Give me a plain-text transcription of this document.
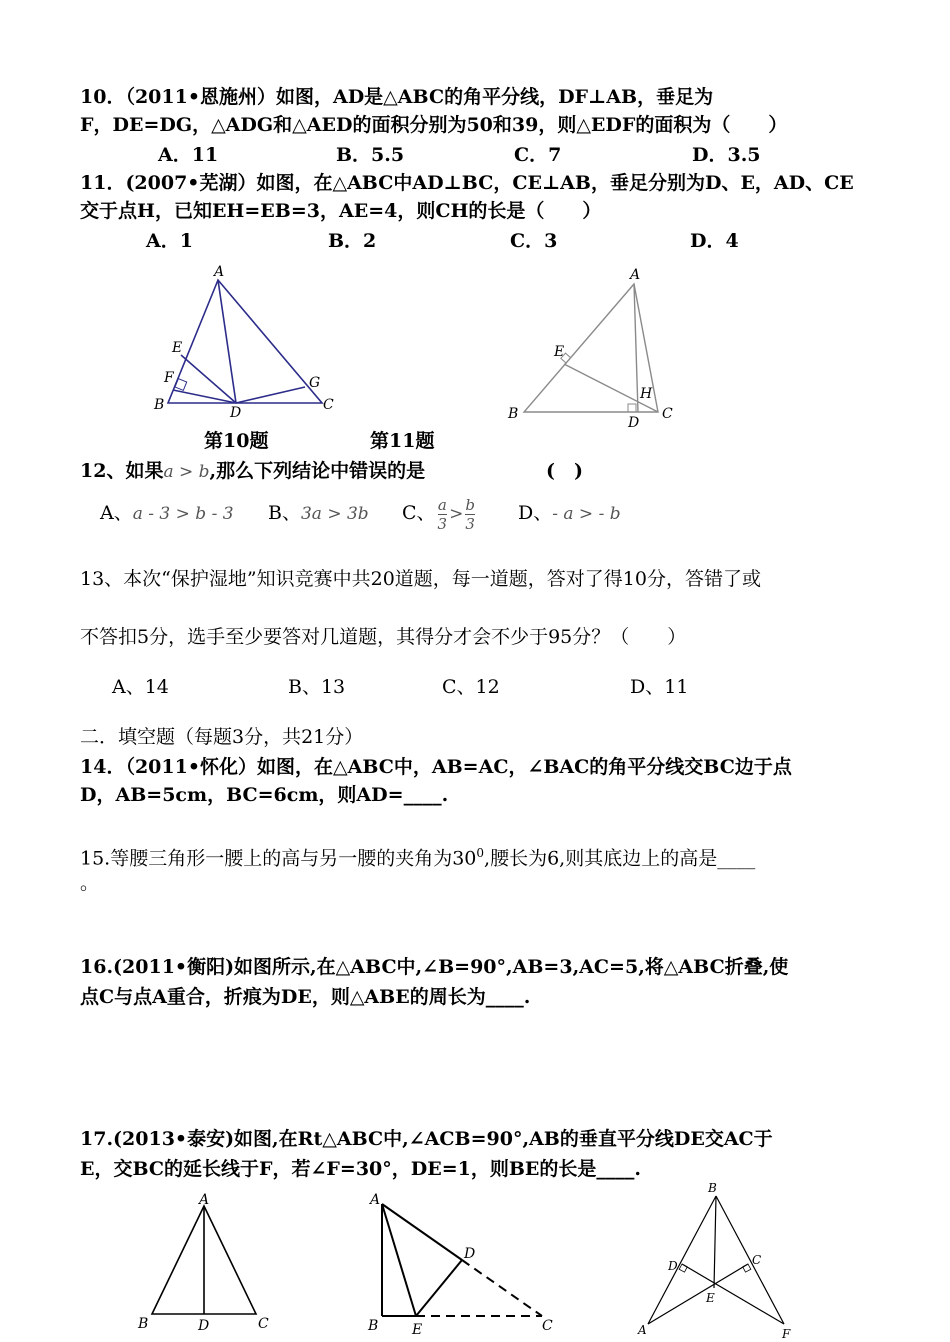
10．（2011•恩施州）如图，AD是△ABC的角平分线，DF⊥AB，垂足为
F，DE=DG，△ADG和△AED的面积分别为50和39，则△EDF的面积为（　　）
A．11	B．5.5	C．7	D．3.5
11．(2007•芜湖）如图，在△ABC中AD⊥BC，CE⊥AB，垂足分别为D、E，AD、CE
交于点H，已知EH=EB=3，AE=4，则CH的长是（　　）
A．1	B．2	C．3	D．4
A
B	C
D
E
F	G
A
B	C
D
E
H
第10题	第11题
12、如果a > b,那么下列结论中错误的是	(　)
A、a - 3 > b - 3 B、3a > 3b C、 $\frac{a}{3} > \frac{b}{3}$ D、- a > - b
13、本次“保护湿地”知识竞赛中共20道题，每一道题，答对了得10分，答错了或
不答扣5分，选手至少要答对几道题，其得分才会不少于95分？（　　）
A、14	B、13	C、12	D、11
二．填空题（每题3分，共21分）
14．（2011•怀化）如图，在△ABC中，AB=AC，∠BAC的角平分线交BC边于点
D，AB=5cm，BC=6cm，则AD=____.
15.等腰三角形一腰上的高与另一腰的夹角为$30^0$,腰长为6,则其底边上的高是____
。
16.(2011•衡阳)如图所示,在△ABC中,∠B=90°,AB=3,AC=5,将△ABC折叠,使
点C与点A重合，折痕为DE，则△ABE的周长为____.
17.(2013•泰安)如图,在Rt△ABC中,∠ACB=90°,AB的垂直平分线DE交AC于
E，交BC的延长线于F，若∠F=30°，DE=1，则BE的长是____.
A
B	C
D
A
B	C
D
E
B
A	F
C
D
E
